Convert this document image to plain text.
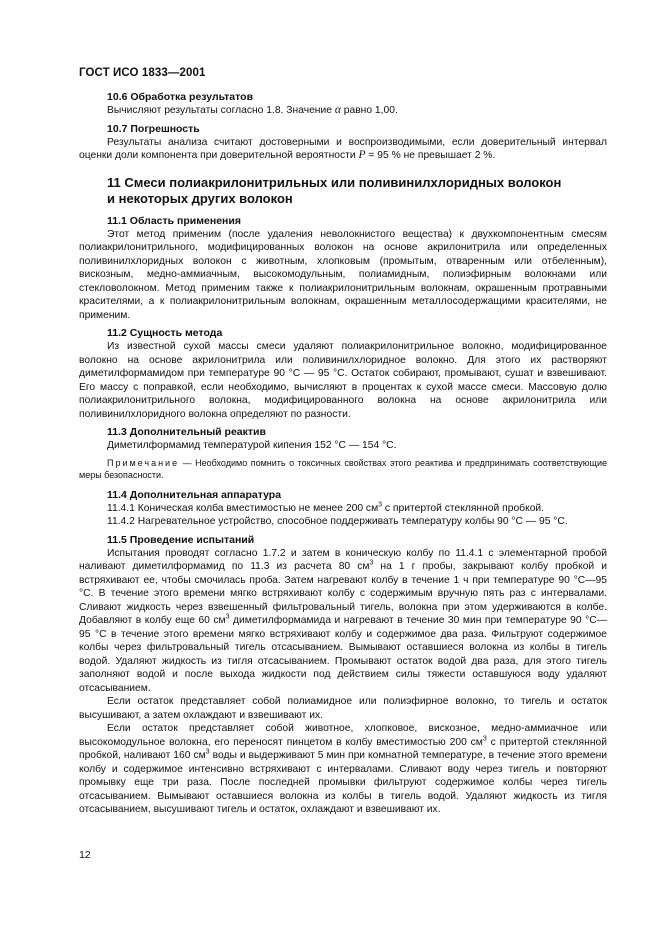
ГОСТ ИСО 1833—2001

10.6 Обработка результатов

Вычисляют результаты согласно 1.8. Значение α равно 1,00.

10.7 Погрешность

Результаты анализа считают достоверными и воспроизводимыми, если доверительный интервал оценки доли компонента при доверительной вероятности P = 95 % не превышает 2 %.

11 Смеси полиакрилонитрильных или поливинилхлоридных волокон

и некоторых других волокон

11.1 Область применения

Этот метод применим (после удаления неволокнистого вещества) к двухкомпонентным смесям полиакрилонитрильного, модифицированных волокон на основе акрилонитрила или определенных поливинилхлоридных волокон с животным, хлопковым (промытым, отваренным или отбеленным), вискозным, медно-аммиачным, высокомодульным, полиамидным, полиэфирным волокнами или стекловолокном. Метод применим также к полиакрилонитрильным волокнам, окрашенным протравными красителями, а к полиакрилонитрильным волокнам, окрашенным металлосодержащими красителями, не применим.

11.2 Сущность метода

Из известной сухой массы смеси удаляют полиакрилонитрильное волокно, модифицированное волокно на основе акрилонитрила или поливинилхлоридное волокно. Для этого их растворяют диметилформамидом при температуре 90 °С — 95 °С. Остаток собирают, промывают, сушат и взвешивают. Его массу с поправкой, если необходимо, вычисляют в процентах к сухой массе смеси. Массовую долю полиакрилонитрильного волокна, модифицированного волокна на основе акрилонитрила или поливинилхлоридного волокна определяют по разности.

11.3 Дополнительный реактив

Диметилформамид температурой кипения 152 °С — 154 °С.

Примечание — Необходимо помнить о токсичных свойствах этого реактива и предпринимать соответствующие меры безопасности.

11.4 Дополнительная аппаратура

11.4.1 Коническая колба вместимостью не менее 200 $см^3$ с притертой стеклянной пробкой.

11.4.2 Нагревательное устройство, способное поддерживать температуру колбы 90 °С — 95 °С.

11.5 Проведение испытаний

Испытания проводят согласно 1.7.2 и затем в коническую колбу по 11.4.1 с элементарной пробой наливают диметилформамид по 11.3 из расчета 80 $см^3$ на 1 г пробы, закрывают колбу пробкой и встряхивают ее, чтобы смочилась проба. Затем нагревают колбу в течение 1 ч при температуре 90 °С—95 °С. В течение этого времени мягко встряхивают колбу с содержимым вручную пять раз с интервалами. Сливают жидкость через взвешенный фильтровальный тигель, волокна при этом удерживаются в колбе. Добавляют в колбу еще 60 $см^3$ диметилформамида и нагревают в течение 30 мин при температуре 90 °С—95 °С в течение этого времени мягко встряхивают колбу и содержимое два раза. Фильтруют содержимое колбы через фильтровальный тигель отсасыванием. Вымывают оставшиеся волокна из колбы в тигель водой. Удаляют жидкость из тигля отсасыванием. Промывают остаток водой два раза, для этого тигель заполняют водой и после выхода жидкости под действием силы тяжести оставшуюся воду удаляют отсасыванием.

Если остаток представляет собой полиамидное или полиэфирное волокно, то тигель и остаток высушивают, а затем охлаждают и взвешивают их.

Если остаток представляет собой животное, хлопковое, вискозное, медно-аммиачное или высокомодульное волокна, его переносят пинцетом в колбу вместимостью 200 $см^3$ с притертой стеклянной пробкой, наливают 160 $см^3$ воды и выдерживают 5 мин при комнатной температуре, в течение этого времени колбу и содержимое интенсивно встряхивают с интервалами. Сливают воду через тигель и повторяют промывку еще три раза. После последней промывки фильтруют содержимое колбы через тигель отсасыванием. Вымывают оставшиеся волокна из колбы в тигель водой. Удаляют жидкость из тигля отсасыванием, высушивают тигель и остаток, охлаждают и взвешивают их.

12
